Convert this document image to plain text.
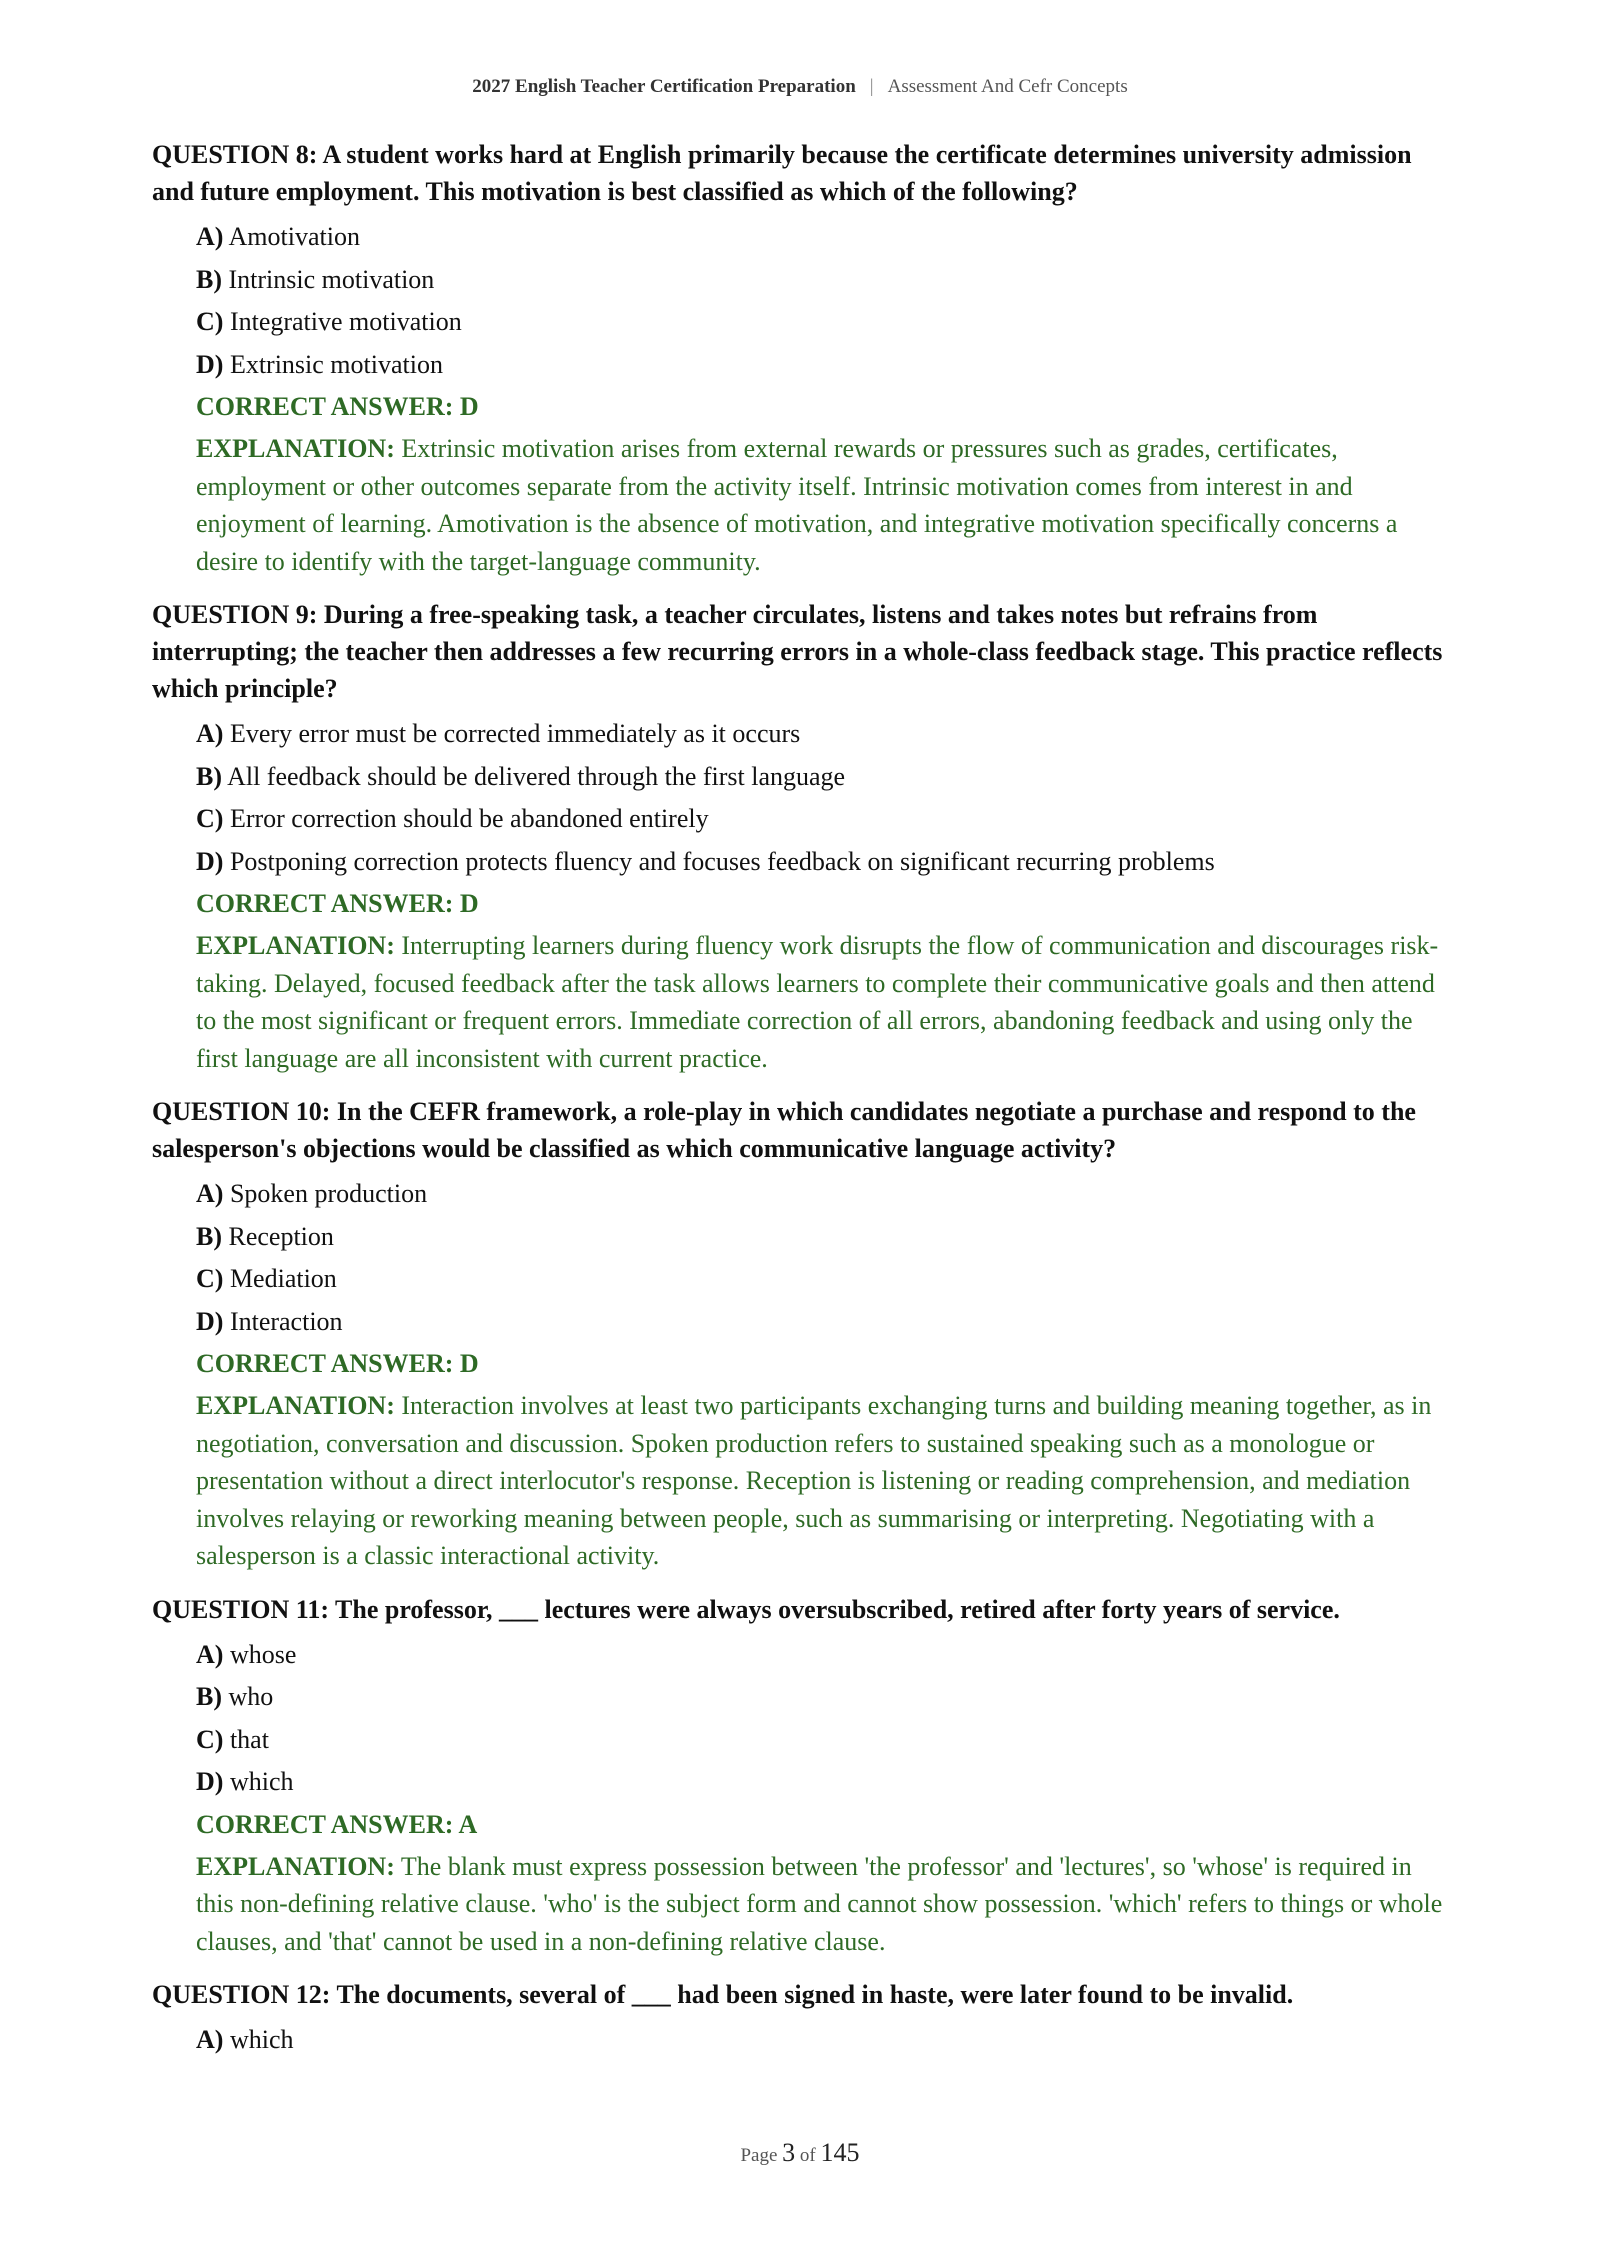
2027 English Teacher Certification Preparation | Assessment And Cefr Concepts

QUESTION 8: A student works hard at English primarily because the certificate determines university admission and future employment. This motivation is best classified as which of the following?

A) Amotivation
B) Intrinsic motivation
C) Integrative motivation
D) Extrinsic motivation
CORRECT ANSWER: D
EXPLANATION: Extrinsic motivation arises from external rewards or pressures such as grades, certificates, employment or other outcomes separate from the activity itself. Intrinsic motivation comes from interest in and enjoyment of learning. Amotivation is the absence of motivation, and integrative motivation specifically concerns a desire to identify with the target-language community.

QUESTION 9: During a free-speaking task, a teacher circulates, listens and takes notes but refrains from interrupting; the teacher then addresses a few recurring errors in a whole-class feedback stage. This practice reflects which principle?

A) Every error must be corrected immediately as it occurs
B) All feedback should be delivered through the first language
C) Error correction should be abandoned entirely
D) Postponing correction protects fluency and focuses feedback on significant recurring problems
CORRECT ANSWER: D
EXPLANATION: Interrupting learners during fluency work disrupts the flow of communication and discourages risk-taking. Delayed, focused feedback after the task allows learners to complete their communicative goals and then attend to the most significant or frequent errors. Immediate correction of all errors, abandoning feedback and using only the first language are all inconsistent with current practice.

QUESTION 10: In the CEFR framework, a role-play in which candidates negotiate a purchase and respond to the salesperson's objections would be classified as which communicative language activity?

A) Spoken production
B) Reception
C) Mediation
D) Interaction
CORRECT ANSWER: D
EXPLANATION: Interaction involves at least two participants exchanging turns and building meaning together, as in negotiation, conversation and discussion. Spoken production refers to sustained speaking such as a monologue or presentation without a direct interlocutor's response. Reception is listening or reading comprehension, and mediation involves relaying or reworking meaning between people, such as summarising or interpreting. Negotiating with a salesperson is a classic interactional activity.

QUESTION 11: The professor, ___ lectures were always oversubscribed, retired after forty years of service.

A) whose
B) who
C) that
D) which
CORRECT ANSWER: A
EXPLANATION: The blank must express possession between 'the professor' and 'lectures', so 'whose' is required in this non-defining relative clause. 'who' is the subject form and cannot show possession. 'which' refers to things or whole clauses, and 'that' cannot be used in a non-defining relative clause.

QUESTION 12: The documents, several of ___ had been signed in haste, were later found to be invalid.

A) which
Page 3 of 145
